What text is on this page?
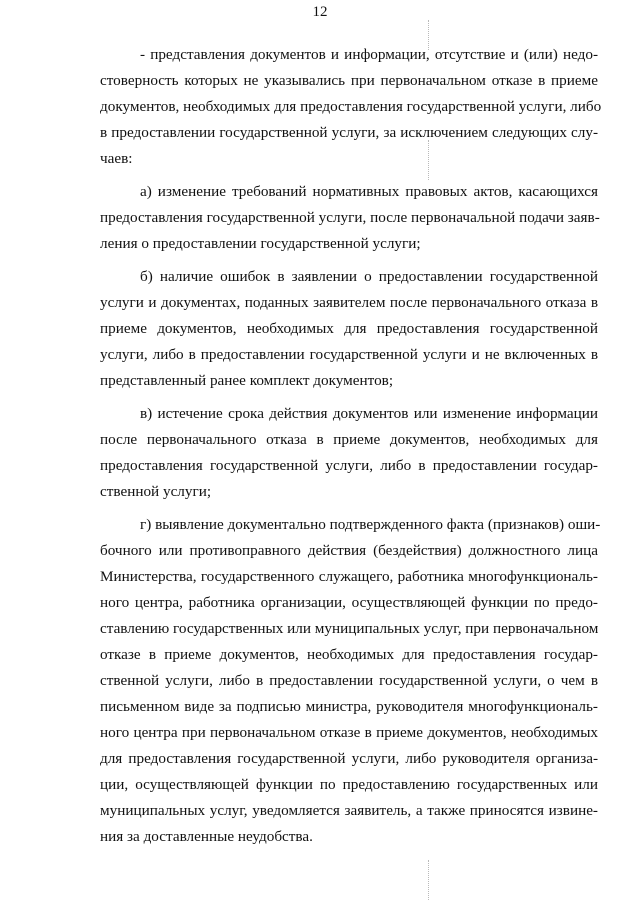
12
- представления документов и информации, отсутствие и (или) недо-
стоверность которых не указывались при первоначальном отказе в приеме
документов, необходимых для предоставления государственной услуги, либо
в предоставлении государственной услуги, за исключением следующих слу-
чаев:
а) изменение требований нормативных правовых актов, касающихся
предоставления государственной услуги, после первоначальной подачи заяв-
ления о предоставлении государственной услуги;
б) наличие ошибок в заявлении о предоставлении государственной
услуги и документах, поданных заявителем после первоначального отказа в
приеме документов, необходимых для предоставления государственной
услуги, либо в предоставлении государственной услуги и не включенных в
представленный ранее комплект документов;
в) истечение срока действия документов или изменение информации
после первоначального отказа в приеме документов, необходимых для
предоставления государственной услуги, либо в предоставлении государ-
ственной услуги;
г) выявление документально подтвержденного факта (признаков) оши-
бочного или противоправного действия (бездействия) должностного лица
Министерства, государственного служащего, работника многофункциональ-
ного центра, работника организации, осуществляющей функции по предо-
ставлению государственных или муниципальных услуг, при первоначальном
отказе в приеме документов, необходимых для предоставления государ-
ственной услуги, либо в предоставлении государственной услуги, о чем в
письменном виде за подписью министра, руководителя многофункциональ-
ного центра при первоначальном отказе в приеме документов, необходимых
для предоставления государственной услуги, либо руководителя организа-
ции, осуществляющей функции по предоставлению государственных или
муниципальных услуг, уведомляется заявитель, а также приносятся извине-
ния за доставленные неудобства.
